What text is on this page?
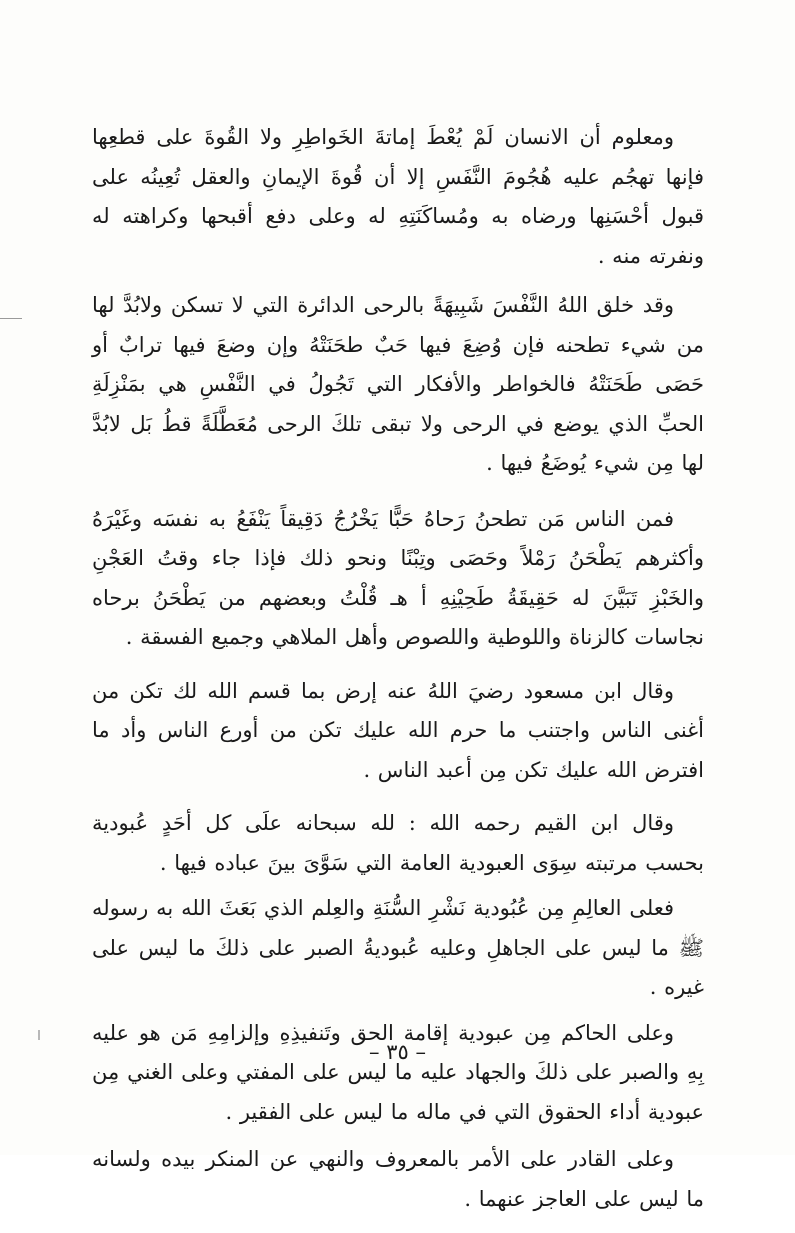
ومعلوم أن الانسان لَمْ يُعْطَ إماتةَ الخَواطِرِ ولا القُوةَ على قطعِها فإنها تهجُم عليه هُجُومَ النَّفَسِ إلا أن قُوةَ الإيمانِ والعقل تُعِينُه على قبول أحْسَنِها ورضاه به ومُساكَنَتِهِ له وعلى دفع أقبحها وكراهته له ونفرته منه .

وقد خلق اللهُ النَّفْسَ شَبِيهَةً بالرحى الدائرة التي لا تسكن ولابُدَّ لها من شيء تطحنه فإن وُضِعَ فيها حَبٌ طحَنَتْهُ وإن وضعَ فيها ترابٌ أو حَصَى طَحَنَتْهُ فالخواطر والأفكار التي تَجُولُ في النَّفْسِ هي بمَنْزِلَةِ الحبِّ الذي يوضع في الرحى ولا تبقى تلكَ الرحى مُعَطَّلَةً قطُ بَل لابُدَّ لها مِن شيء يُوضَعُ فيها .

فمن الناس مَن تطحنُ رَحاهُ حَبًّا يَخْرُجُ دَقِيقاً يَنْفَعُ به نفسَه وغَيْرَهُ وأكثرهم يَطْحَنُ رَمْلاً وحَصَى وتِبْنًا ونحو ذلك فإذا جاء وقتُ العَجْنِ والخَبْزِ تَبَيَّنَ له حَقِيقَةُ طَحِيْنِهِ أ هـ قُلْتُ وبعضهم من يَطْحَنُ برحاه نجاسات كالزناة واللوطية واللصوص وأهل الملاهي وجميع الفسقة .

وقال ابن مسعود رضيَ اللهُ عنه إرض بما قسم الله لك تكن من أغنى الناس واجتنب ما حرم الله عليك تكن من أورع الناس وأد ما افترض الله عليك تكن مِن أعبد الناس .

وقال ابن القيم رحمه الله : لله سبحانه علَى كل أحَدٍ عُبودية بحسب مرتبته سِوَى العبودية العامة التي سَوَّىَ بينَ عباده فيها .

فعلى العالِمِ مِن عُبُودية نَشْرِ السُّنَةِ والعِلم الذي بَعَثَ الله به رسوله ﷺ ما ليس على الجاهلِ وعليه عُبوديةُ الصبر على ذلكَ ما ليس على غيره .

وعلى الحاكم مِن عبودية إقامة الحق وتَنفيذِهِ وإلزامِهِ مَن هو عليه بِهِ والصبر على ذلكَ والجهاد عليه ما ليس على المفتي وعلى الغني مِن عبودية أداء الحقوق التي في ماله ما ليس على الفقير .

وعلى القادر على الأمر بالمعروف والنهي عن المنكر بيده ولسانه ما ليس على العاجز عنهما .

– ٣٥ –
